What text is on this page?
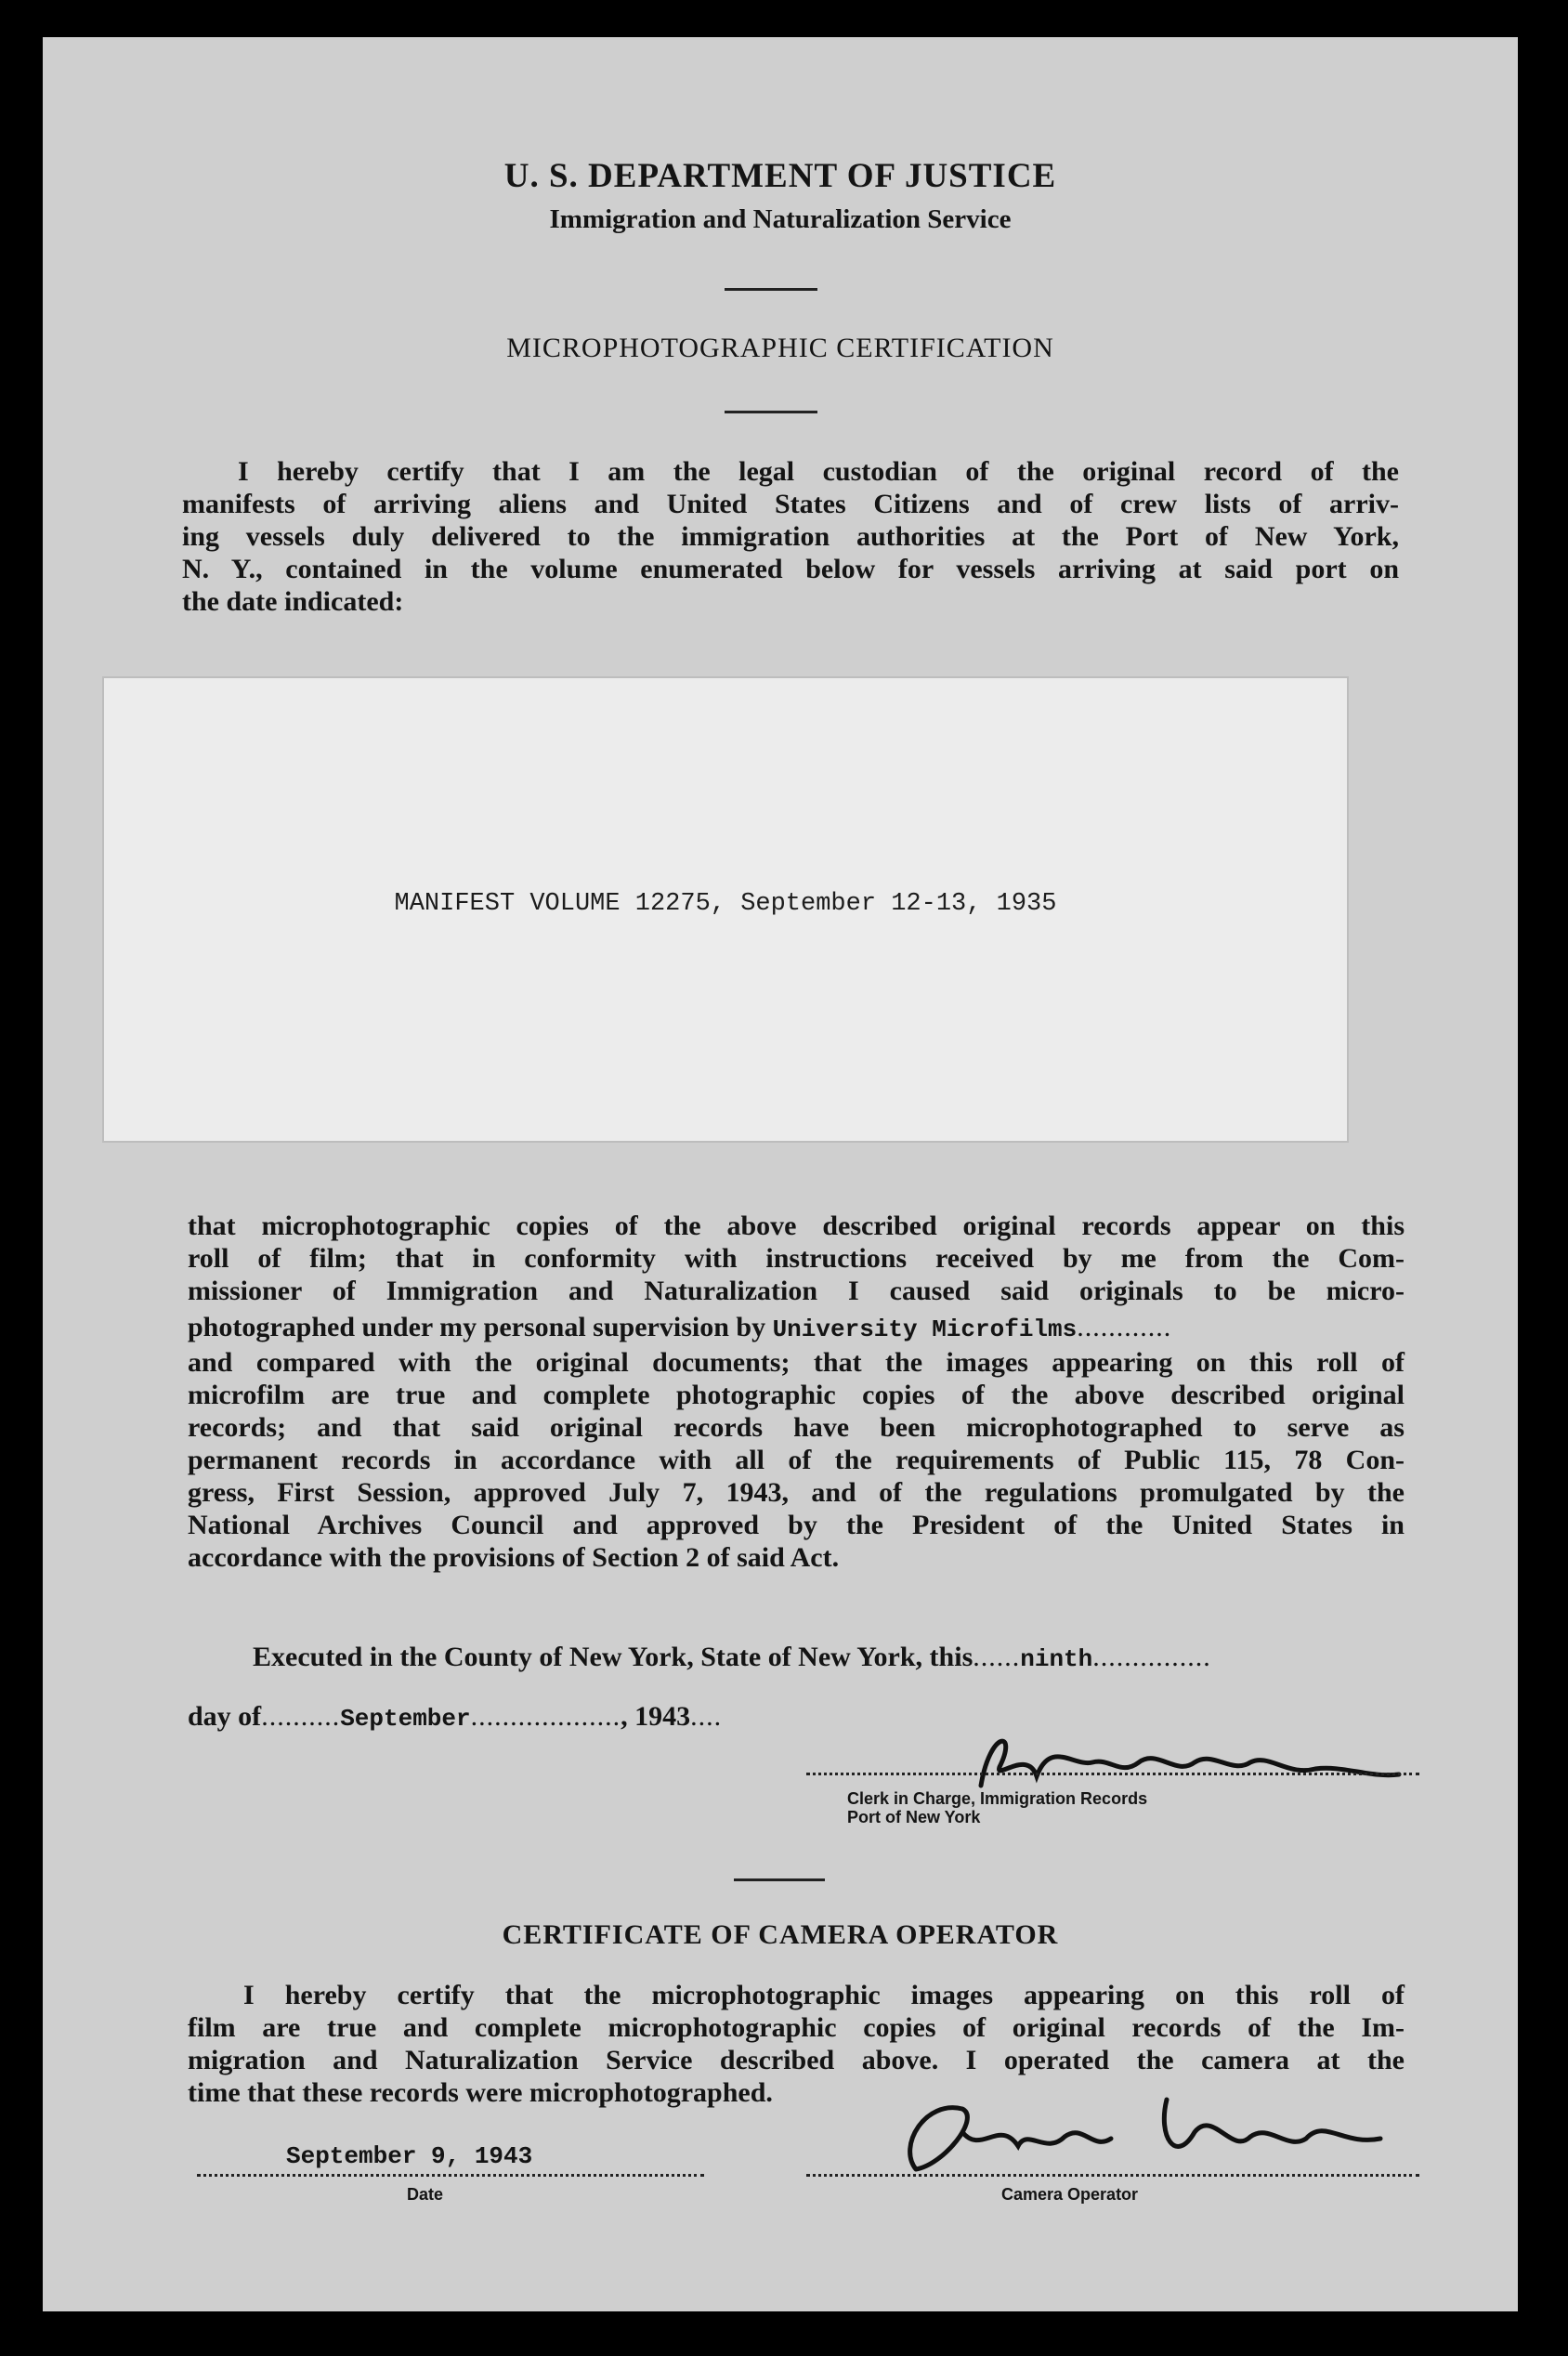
U. S. DEPARTMENT OF JUSTICE
Immigration and Naturalization Service
MICROPHOTOGRAPHIC CERTIFICATION
I hereby certify that I am the legal custodian of the original record of the
manifests of arriving aliens and United States Citizens and of crew lists of arriv-
ing vessels duly delivered to the immigration authorities at the Port of New York,
N. Y., contained in the volume enumerated below for vessels arriving at said port on
the date indicated:
MANIFEST VOLUME 12275, September 12-13, 1935
that microphotographic copies of the above described original records appear on this
roll of film; that in conformity with instructions received by me from the Com-
missioner of Immigration and Naturalization I caused said originals to be micro-
photographed under my personal supervision by University Microfilms............
and compared with the original documents; that the images appearing on this roll of
microfilm are true and complete photographic copies of the above described original
records; and that said original records have been microphotographed to serve as
permanent records in accordance with all of the requirements of Public 115, 78 Con-
gress, First Session, approved July 7, 1943, and of the regulations promulgated by the
National Archives Council and approved by the President of the United States in
accordance with the provisions of Section 2 of said Act.
Executed in the County of New York, State of New York, this......ninth...............
day of..........September..................., 1943....
Clerk in Charge, Immigration Records
Port of New York
CERTIFICATE OF CAMERA OPERATOR
I hereby certify that the microphotographic images appearing on this roll of
film are true and complete microphotographic copies of original records of the Im-
migration and Naturalization Service described above. I operated the camera at the
time that these records were microphotographed.
September 9, 1943
Date	Camera Operator
